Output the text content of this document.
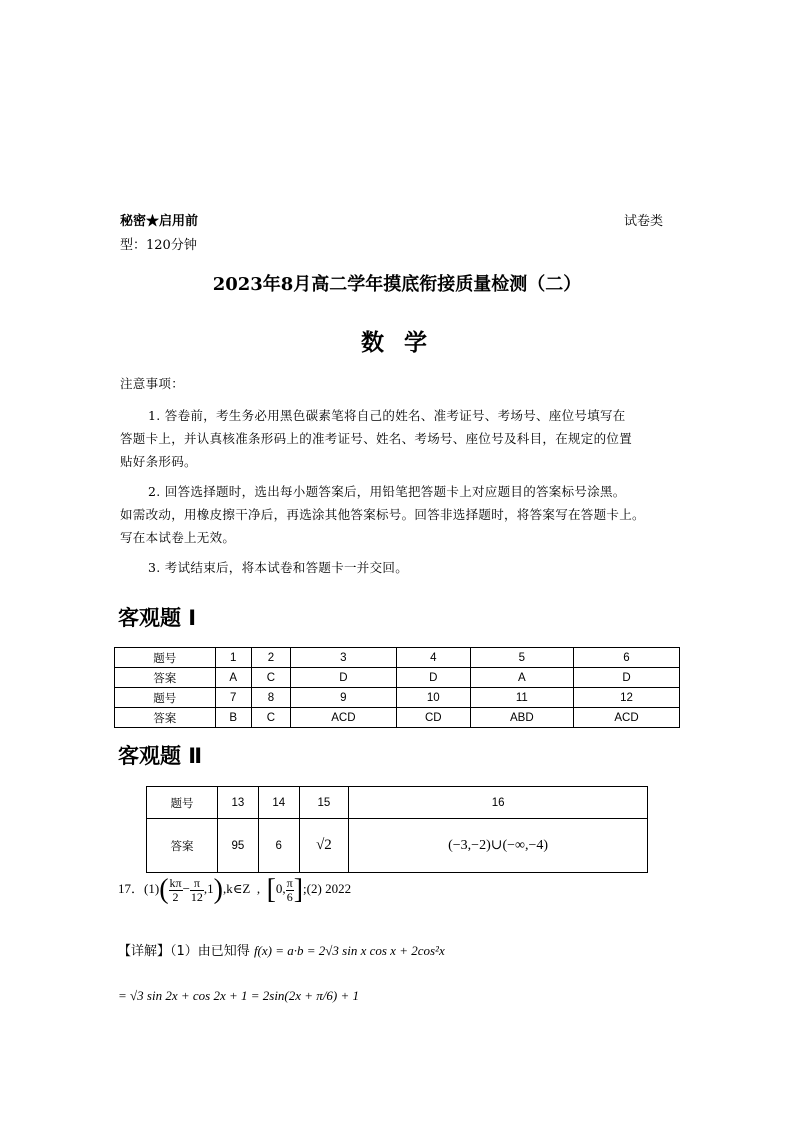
秘密★启用前	试卷类
型：120分钟
2023年8月高二学年摸底衔接质量检测（二）
数 学
注意事项：
1. 答卷前，考生务必用黑色碳素笔将自己的姓名、准考证号、考场号、座位号填写在
答题卡上，并认真核准条形码上的准考证号、姓名、考场号、座位号及科目，在规定的位置
贴好条形码。
2. 回答选择题时，选出每小题答案后，用铅笔把答题卡上对应题目的答案标号涂黑。
如需改动，用橡皮擦干净后，再选涂其他答案标号。回答非选择题时，将答案写在答题卡上。
写在本试卷上无效。
3. 考试结束后，将本试卷和答题卡一并交回。
客观题 Ⅰ
题号	1	2	3	4	5	6
答案	A	C	D	D	A	D
题号	7	8	9	10	11	12
答案	B	C	ACD	CD	ABD	ACD
客观题 Ⅱ
题号	13	14	15	16
答案	95	6	√2	(−3,−2)∪(−∞,−4)
17．$(1)( \frac{k\pi}{2} - \frac{\pi}{12}$ ,1),k∈Z  ,  [0, $\frac{\pi}{6}$ ];(2) 2022
【详解】（1）由已知得 f(x) = a·b = 2√3 sin x cos x + 2cos²x
= √3 sin 2x + cos 2x + 1 = 2sin(2x + π/6) + 1
